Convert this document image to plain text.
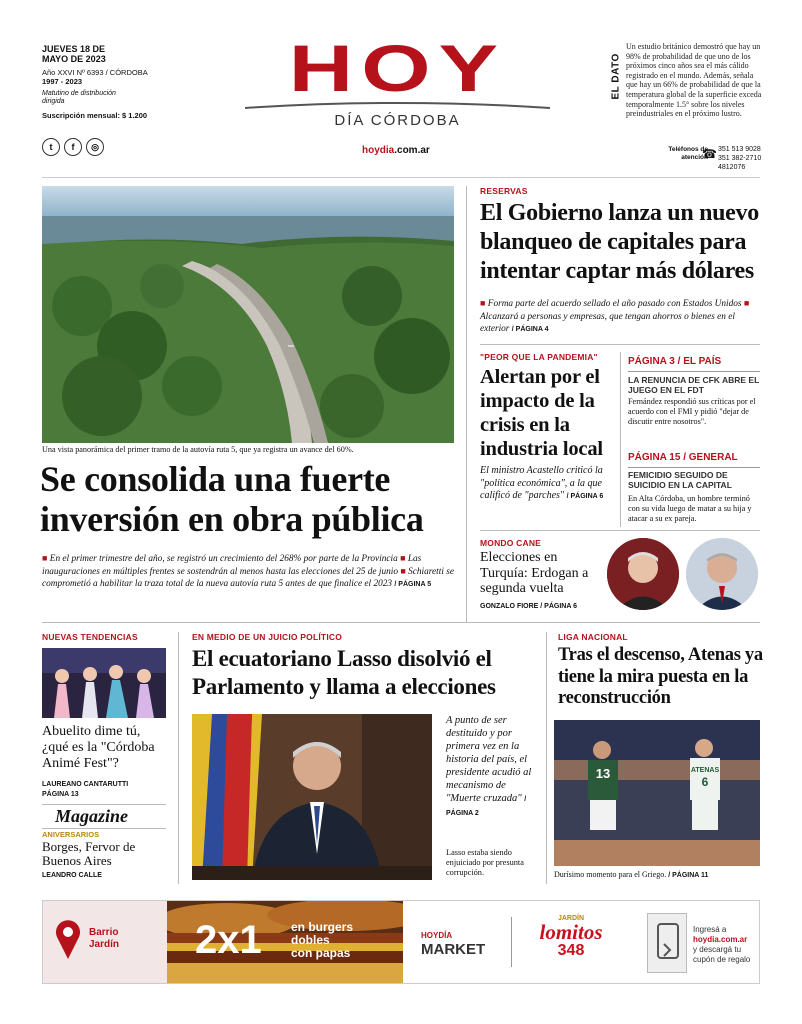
JUEVES 18 DE MAYO DE 2023
Año XXVI Nº 6393 / CÓRDOBA
1997 - 2023
Matutino de distribución dirigida
Suscripción mensual: $ 1.200
t	f	◎
HOY
DÍA CÓRDOBA
hoydia.com.ar
EL DATO
Un estudio británico demostró que hay un 98% de probabilidad de que uno de los próximos cinco años sea el más cálido registrado en el mundo. Además, señala que hay un 66% de probabilidad de que la temperatura global de la superficie exceda temporalmente 1.5° sobre los niveles preindustriales en el próximo lustro.
Teléfonos de atención
☎ 351 513 9028
351 382-2710
4812076
Una vista panorámica del primer tramo de la autovía ruta 5, que ya registra un avance del 60%.
Se consolida una fuerte inversión en obra pública
■ En el primer trimestre del año, se registró un crecimiento del 268% por parte de la Provincia ■ Las inauguraciones en múltiples frentes se sostendrán al menos hasta las elecciones del 25 de junio ■ Schiaretti se comprometió a habilitar la traza total de la nueva autovía ruta 5 antes de que finalice el 2023 / PÁGINA 5
RESERVAS
El Gobierno lanza un nuevo blanqueo de capitales para intentar captar más dólares
■ Forma parte del acuerdo sellado el año pasado con Estados Unidos ■ Alcanzará a personas y empresas, que tengan ahorros o bienes en el exterior / PÁGINA 4
"PEOR QUE LA PANDEMIA"
Alertan por el impacto de la crisis en la industria local
El ministro Acastello criticó la "política económica", a la que calificó de "parches" / PÁGINA 6
PÁGINA 3 / EL PAÍS
LA RENUNCIA DE CFK ABRE EL JUEGO EN EL FDT
Fernández respondió sus críticas por el acuerdo con el FMI y pidió "dejar de discutir entre nosotros".
PÁGINA 15 / GENERAL
FEMICIDIO SEGUIDO DE SUICIDIO EN LA CAPITAL
En Alta Córdoba, un hombre terminó con su vida luego de matar a su hija y atacar a su ex pareja.
MONDO CANE
Elecciones en Turquía: Erdogan a segunda vuelta
GONZALO FIORE / PÁGINA 6
NUEVAS TENDENCIAS
Abuelito dime tú, ¿qué es la "Córdoba Animé Fest"?
LAUREANO CANTARUTTI
PÁGINA 13
Magazine
ANIVERSARIOS
Borges, Fervor de Buenos Aires
LEANDRO CALLE
EN MEDIO DE UN JUICIO POLÍTICO
El ecuatoriano Lasso disolvió el Parlamento y llama a elecciones
A punto de ser destituido y por primera vez en la historia del país, el presidente acudió al mecanismo de "Muerte cruzada" / PÁGINA 2
Lasso estaba siendo enjuiciado por presunta corrupción.
LIGA NACIONAL
Tras el descenso, Atenas ya tiene la mira puesta en la reconstrucción
13	ATENAS
6
Durísimo momento para el Griego. / PÁGINA 11
Barrio
Jardín 2x1 en burgers
dobles
con papas
HOYDÍA
MARKET
JARDÍN
lomitos
348
Ingresá a
hoydia.com.ar
y descargá tu
cupón de regalo
